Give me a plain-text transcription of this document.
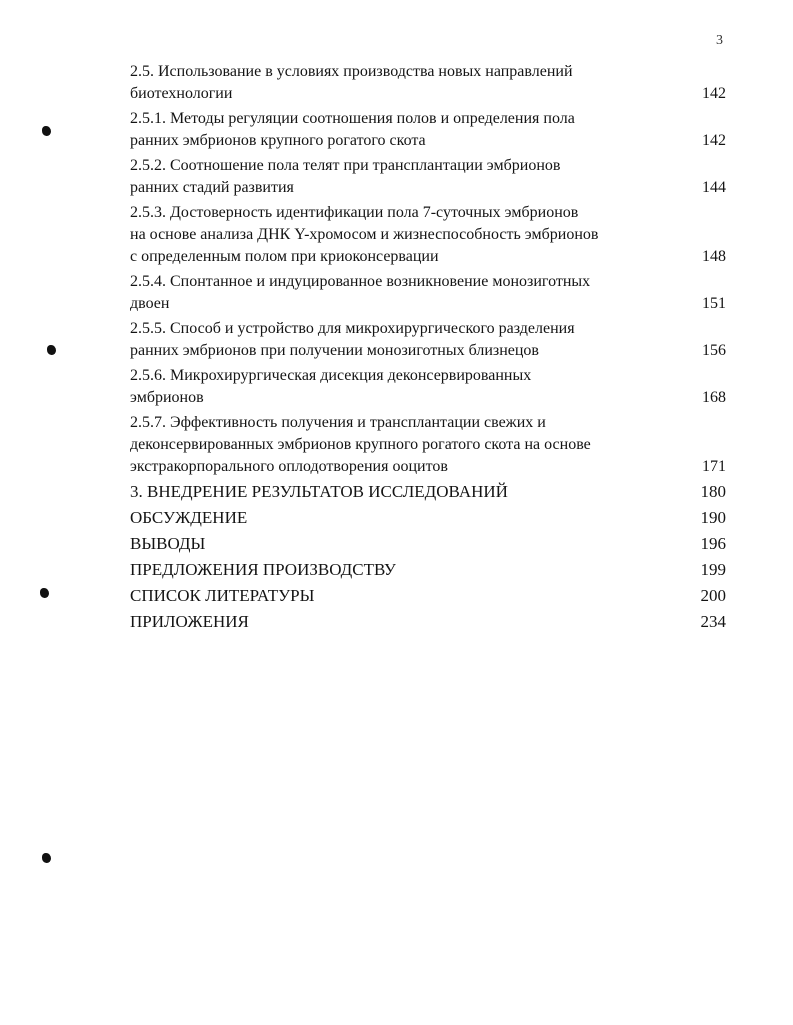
3
2.5. Использование в условиях производства новых направлений
биотехнологии	142
2.5.1. Методы регуляции соотношения полов и определения пола
ранних эмбрионов крупного рогатого скота	142
2.5.2. Соотношение пола телят при трансплантации эмбрионов
ранних стадий развития	144
2.5.3. Достоверность идентификации пола 7-суточных эмбрионов
на основе анализа ДНК Y-хромосом и жизнеспособность эмбрионов
с определенным полом при криоконсервации	148
2.5.4. Спонтанное и индуцированное возникновение монозиготных
двоен	151
2.5.5. Способ и устройство для микрохирургического разделения
ранних эмбрионов при получении монозиготных близнецов	156
2.5.6. Микрохирургическая дисекция деконсервированных
эмбрионов	168
2.5.7. Эффективность получения и трансплантации свежих и
деконсервированных эмбрионов крупного рогатого скота на основе
экстракорпорального оплодотворения ооцитов	171
3. ВНЕДРЕНИЕ РЕЗУЛЬТАТОВ ИССЛЕДОВАНИЙ	180
ОБСУЖДЕНИЕ	190
ВЫВОДЫ	196
ПРЕДЛОЖЕНИЯ ПРОИЗВОДСТВУ	199
СПИСОК ЛИТЕРАТУРЫ	200
ПРИЛОЖЕНИЯ	234
